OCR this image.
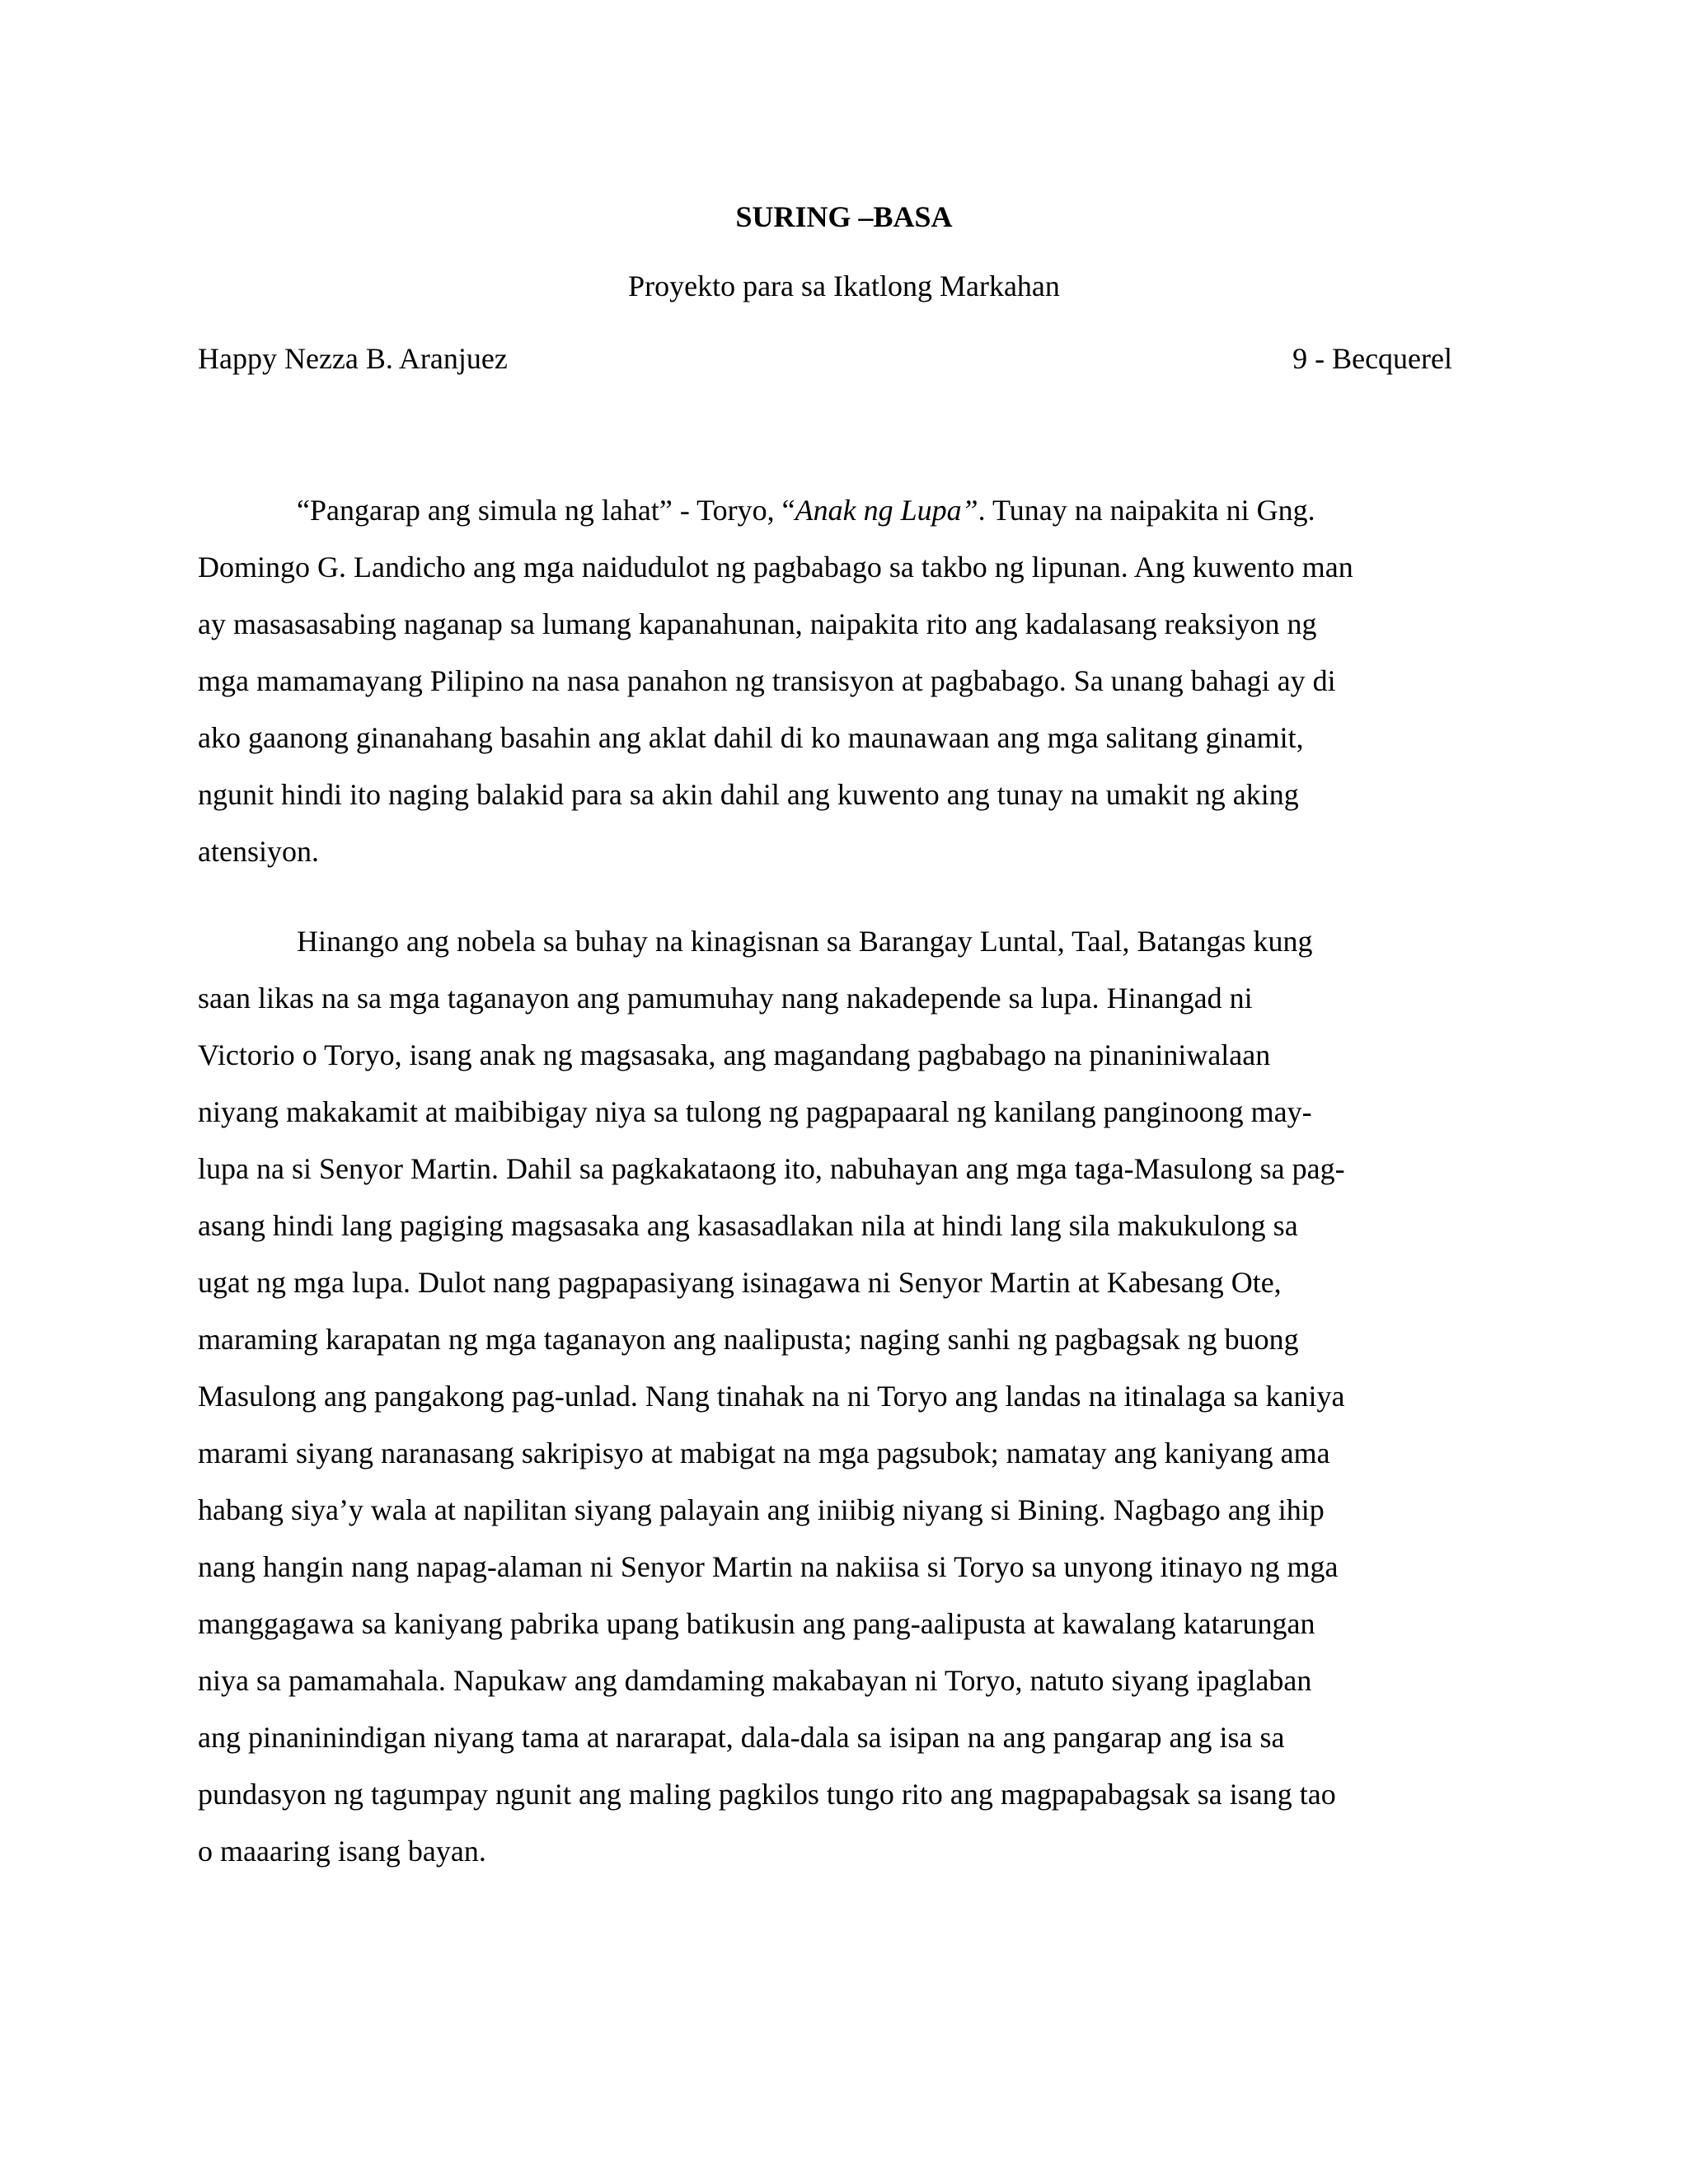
SURING –BASA
Proyekto para sa Ikatlong Markahan
Happy Nezza B. Aranjuez	9 - Becquerel
“Pangarap ang simula ng lahat” - Toryo, “Anak ng Lupa”. Tunay na naipakita ni Gng.
Domingo G. Landicho ang mga naidudulot ng pagbabago sa takbo ng lipunan. Ang kuwento man
ay masasasabing naganap sa lumang kapanahunan, naipakita rito ang kadalasang reaksiyon ng
mga mamamayang Pilipino na nasa panahon ng transisyon at pagbabago. Sa unang bahagi ay di
ako gaanong ginanahang basahin ang aklat dahil di ko maunawaan ang mga salitang ginamit,
ngunit hindi ito naging balakid para sa akin dahil ang kuwento ang tunay na umakit ng aking
atensiyon.
Hinango ang nobela sa buhay na kinagisnan sa Barangay Luntal, Taal, Batangas kung
saan likas na sa mga taganayon ang pamumuhay nang nakadepende sa lupa. Hinangad ni
Victorio o Toryo, isang anak ng magsasaka, ang magandang pagbabago na pinaniniwalaan
niyang makakamit at maibibigay niya sa tulong ng pagpapaaral ng kanilang panginoong may-
lupa na si Senyor Martin. Dahil sa pagkakataong ito, nabuhayan ang mga taga-Masulong sa pag-
asang hindi lang pagiging magsasaka ang kasasadlakan nila at hindi lang sila makukulong sa
ugat ng mga lupa. Dulot nang pagpapasiyang isinagawa ni Senyor Martin at Kabesang Ote,
maraming karapatan ng mga taganayon ang naalipusta; naging sanhi ng pagbagsak ng buong
Masulong ang pangakong pag-unlad. Nang tinahak na ni Toryo ang landas na itinalaga sa kaniya
marami siyang naranasang sakripisyo at mabigat na mga pagsubok; namatay ang kaniyang ama
habang siya’y wala at napilitan siyang palayain ang iniibig niyang si Bining. Nagbago ang ihip
nang hangin nang napag-alaman ni Senyor Martin na nakiisa si Toryo sa unyong itinayo ng mga
manggagawa sa kaniyang pabrika upang batikusin ang pang-aalipusta at kawalang katarungan
niya sa pamamahala. Napukaw ang damdaming makabayan ni Toryo, natuto siyang ipaglaban
ang pinaninindigan niyang tama at nararapat, dala-dala sa isipan na ang pangarap ang isa sa
pundasyon ng tagumpay ngunit ang maling pagkilos tungo rito ang magpapabagsak sa isang tao
o maaaring isang bayan.
